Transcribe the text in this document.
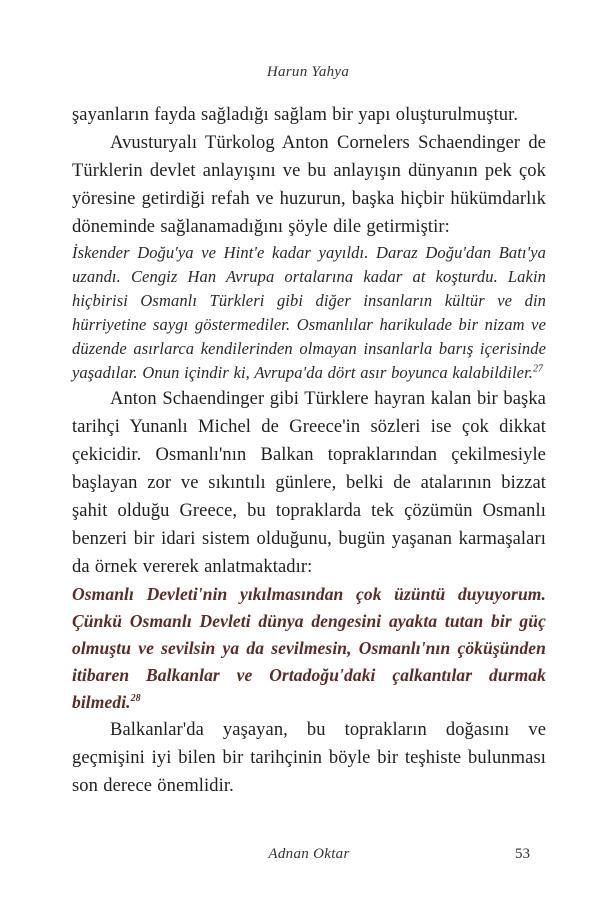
Harun Yahya

şayanların fayda sağladığı sağlam bir yapı oluşturulmuştur.

Avusturyalı Türkolog Anton Cornelers Schaendinger de Türklerin devlet anlayışını ve bu anlayışın dünyanın pek çok yöresine getirdiği refah ve huzurun, başka hiçbir hükümdarlık döneminde sağlanamadığını şöyle dile getirmiştir:

İskender Doğu'ya ve Hint'e kadar yayıldı. Daraz Doğu'dan Batı'ya uzandı. Cengiz Han Avrupa ortalarına kadar at koşturdu. Lakin hiçbirisi Osmanlı Türkleri gibi diğer insanların kültür ve din hürriyetine saygı göstermediler. Osmanlılar harikulade bir nizam ve düzende asırlarca kendilerinden olmayan insanlarla barış içerisinde yaşadılar. Onun içindir ki, Avrupa'da dört asır boyunca kalabildiler.$^{27}$

Anton Schaendinger gibi Türklere hayran kalan bir başka tarihçi Yunanlı Michel de Greece'in sözleri ise çok dikkat çekicidir. Osmanlı'nın Balkan topraklarından çekilmesiyle başlayan zor ve sıkıntılı günlere, belki de atalarının bizzat şahit olduğu Greece, bu topraklarda tek çözümün Osmanlı benzeri bir idari sistem olduğunu, bugün yaşanan karmaşaları da örnek vererek anlatmaktadır:

Osmanlı Devleti'nin yıkılmasından çok üzüntü duyuyorum. Çünkü Osmanlı Devleti dünya dengesini ayakta tutan bir güç olmuştu ve sevilsin ya da sevilmesin, Osmanlı'nın çöküşünden itibaren Balkanlar ve Ortadoğu'daki çalkantılar durmak bilmedi.$^{28}$

Balkanlar'da yaşayan, bu toprakların doğasını ve geçmişini iyi bilen bir tarihçinin böyle bir teşhiste bulunması son derece önemlidir.

Adnan Oktar	53
